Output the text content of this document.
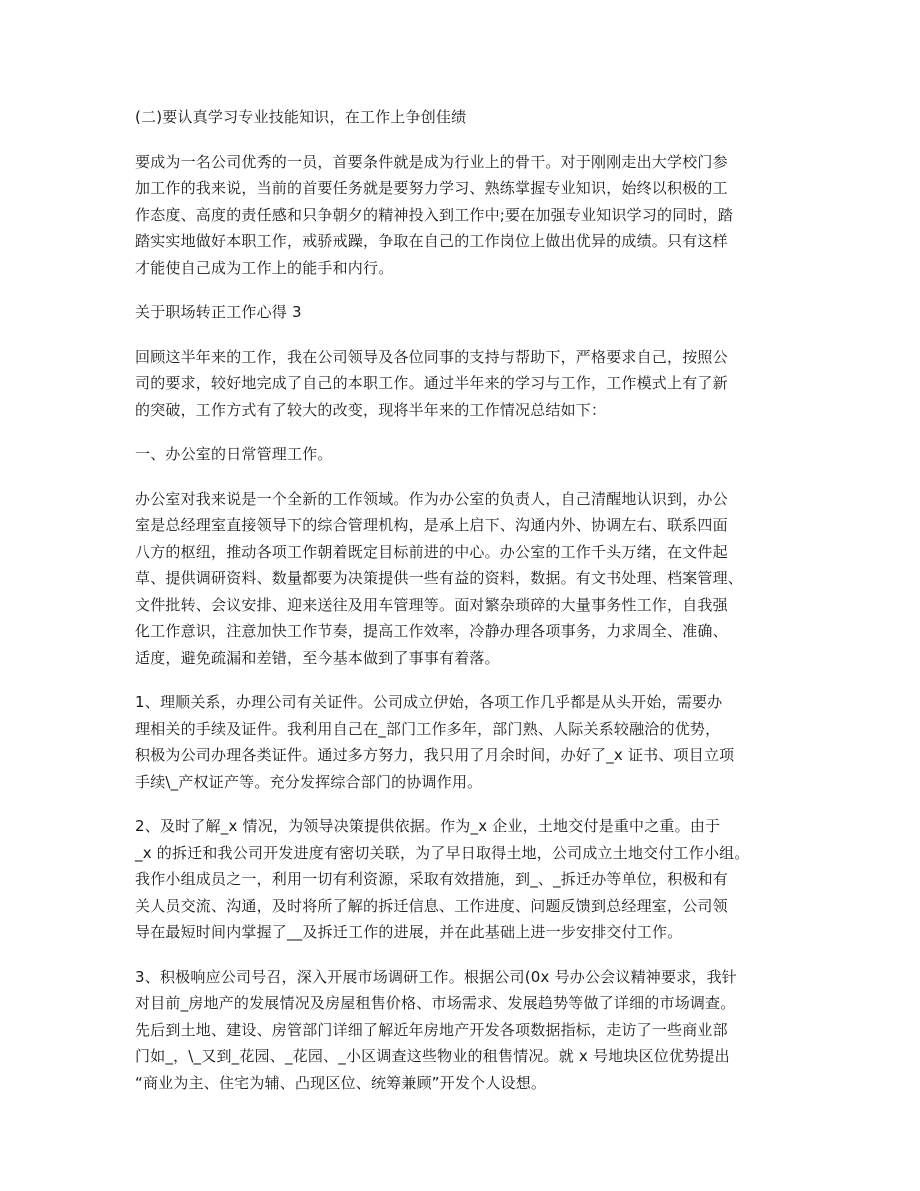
(二)要认真学习专业技能知识，在工作上争创佳绩

要成为一名公司优秀的一员，首要条件就是成为行业上的骨干。对于刚刚走出大学校门参
加工作的我来说，当前的首要任务就是要努力学习、熟练掌握专业知识，始终以积极的工
作态度、高度的责任感和只争朝夕的精神投入到工作中;要在加强专业知识学习的同时，踏
踏实实地做好本职工作，戒骄戒躁，争取在自己的工作岗位上做出优异的成绩。只有这样
才能使自己成为工作上的能手和内行。

关于职场转正工作心得 3

回顾这半年来的工作，我在公司领导及各位同事的支持与帮助下，严格要求自己，按照公
司的要求，较好地完成了自己的本职工作。通过半年来的学习与工作，工作模式上有了新
的突破，工作方式有了较大的改变，现将半年来的工作情况总结如下：

一、办公室的日常管理工作。

办公室对我来说是一个全新的工作领域。作为办公室的负责人，自己清醒地认识到，办公
室是总经理室直接领导下的综合管理机构，是承上启下、沟通内外、协调左右、联系四面
八方的枢纽，推动各项工作朝着既定目标前进的中心。办公室的工作千头万绪，在文件起
草、提供调研资料、数量都要为决策提供一些有益的资料，数据。有文书处理、档案管理、
文件批转、会议安排、迎来送往及用车管理等。面对繁杂琐碎的大量事务性工作，自我强
化工作意识，注意加快工作节奏，提高工作效率，冷静办理各项事务，力求周全、准确、
适度，避免疏漏和差错，至今基本做到了事事有着落。

1、理顺关系，办理公司有关证件。公司成立伊始，各项工作几乎都是从头开始，需要办
理相关的手续及证件。我利用自己在_部门工作多年，部门熟、人际关系较融洽的优势，
积极为公司办理各类证件。通过多方努力，我只用了月余时间，办好了_x 证书、项目立项
手续\_产权证产等。充分发挥综合部门的协调作用。

2、及时了解_x 情况，为领导决策提供依据。作为_x 企业，土地交付是重中之重。由于
_x 的拆迁和我公司开发进度有密切关联，为了早日取得土地，公司成立土地交付工作小组。
我作小组成员之一，利用一切有利资源，采取有效措施，到_、_拆迁办等单位，积极和有
关人员交流、沟通，及时将所了解的拆迁信息、工作进度、问题反馈到总经理室，公司领
导在最短时间内掌握了__及拆迁工作的进展，并在此基础上进一步安排交付工作。

3、积极响应公司号召，深入开展市场调研工作。根据公司(0x 号办公会议精神要求，我针
对目前_房地产的发展情况及房屋租售价格、市场需求、发展趋势等做了详细的市场调查。
先后到土地、建设、房管部门详细了解近年房地产开发各项数据指标，走访了一些商业部
门如_，\_又到_花园、_花园、_小区调查这些物业的租售情况。就 x 号地块区位优势提出
“商业为主、住宅为辅、凸现区位、统筹兼顾”开发个人设想。
